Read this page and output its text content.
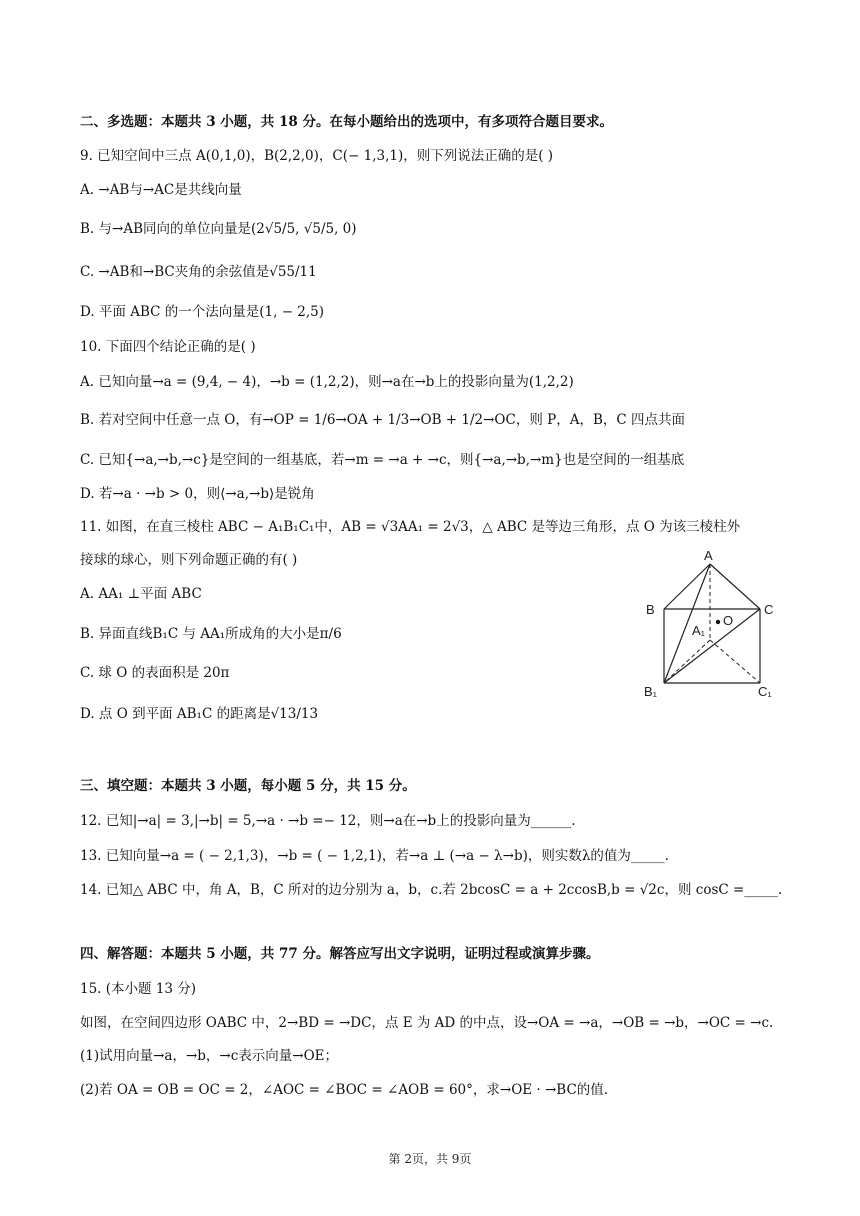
二、多选题：本题共 3 小题，共 18 分。在每小题给出的选项中，有多项符合题目要求。
9. 已知空间中三点 A(0,1,0)，B(2,2,0)，C(− 1,3,1)，则下列说法正确的是( )
A. →AB与→AC是共线向量
B. 与→AB同向的单位向量是(2√5/5, √5/5, 0)
C. →AB和→BC夹角的余弦值是√55/11
D. 平面 ABC 的一个法向量是(1, − 2,5)
10. 下面四个结论正确的是( )
A. 已知向量→a = (9,4, − 4)，→b = (1,2,2)，则→a在→b上的投影向量为(1,2,2)
B. 若对空间中任意一点 O，有→OP = 1/6→OA + 1/3→OB + 1/2→OC，则 P，A，B，C 四点共面
C. 已知{→a,→b,→c}是空间的一组基底，若→m = →a + →c，则{→a,→b,→m}也是空间的一组基底
D. 若→a · →b > 0，则⟨→a,→b⟩是锐角
11. 如图，在直三棱柱 ABC − A₁B₁C₁中，AB = √3AA₁ = 2√3，△ ABC 是等边三角形，点 O 为该三棱柱外
接球的球心，则下列命题正确的有( )
A. AA₁ ⊥平面 ABC
B. 异面直线B₁C 与 AA₁所成角的大小是π/6
C. 球 O 的表面积是 20π
D. 点 O 到平面 AB₁C 的距离是√13/13
A
B	C
A₁
O
B₁	C₁
三、填空题：本题共 3 小题，每小题 5 分，共 15 分。
12. 已知|→a| = 3,|→b| = 5,→a · →b =− 12，则→a在→b上的投影向量为______.
13. 已知向量→a = ( − 2,1,3)，→b = ( − 1,2,1)，若→a ⊥ (→a − λ→b)，则实数λ的值为_____.
14. 已知△ ABC 中，角 A，B，C 所对的边分别为 a，b，c.若 2bcosC = a + 2ccosB,b = √2c，则 cosC =_____.
四、解答题：本题共 5 小题，共 77 分。解答应写出文字说明，证明过程或演算步骤。
15. (本小题 13 分)
如图，在空间四边形 OABC 中，2→BD = →DC，点 E 为 AD 的中点，设→OA = →a，→OB = →b，→OC = →c.
(1)试用向量→a，→b，→c表示向量→OE；
(2)若 OA = OB = OC = 2，∠AOC = ∠BOC = ∠AOB = 60°，求→OE · →BC的值.
第 2页，共 9页
